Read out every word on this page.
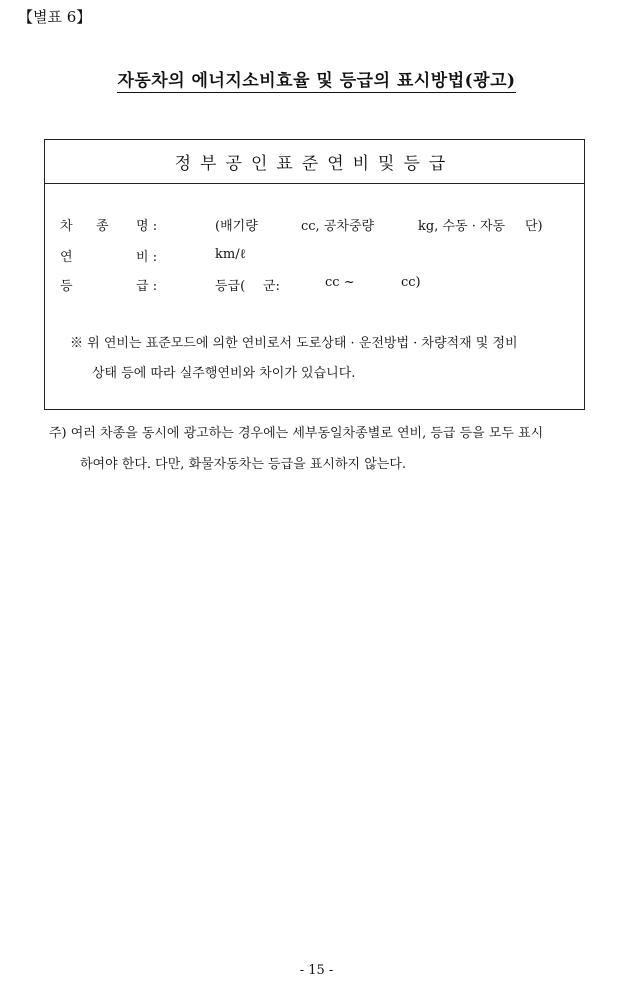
【별표 6】
자동차의 에너지소비효율 및 등급의 표시방법(광고)
정부공인표준연비및등급
차 종 명 :	(배기량	cc, 공차중량	kg, 수동 · 자동 단)
연	비 :	km/ℓ
등	급 :	등급( 군:	cc ~	cc)
※ 위 연비는 표준모드에 의한 연비로서 도로상태 · 운전방법 · 차량적재 및 정비
상태 등에 따라 실주행연비와 차이가 있습니다.
주) 여러 차종을 동시에 광고하는 경우에는 세부동일차종별로 연비, 등급 등을 모두 표시
하여야 한다. 다만, 화물자동차는 등급을 표시하지 않는다.
- 15 -
